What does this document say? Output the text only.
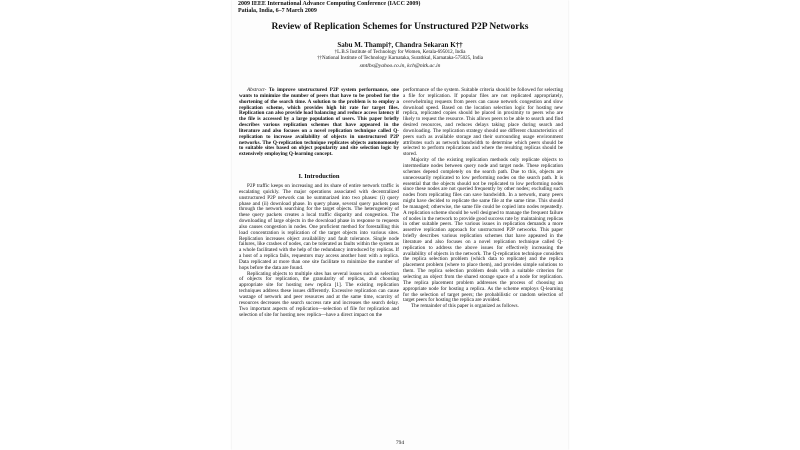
2009 IEEE International Advance Computing Conference (IACC 2009)
Patiala, India, 6–7 March 2009
Review of Replication Schemes for Unstructured P2P Networks
Sabu M. Thampi†, Chandra Sekaran K††
†L.B.S Institute of Technology for Women, Kerala-695012, India
††National Institute of Technology Karnataka, Surathkal, Karnataka-575025, India
smtlbs@yahoo.co.in, kch@nitk.ac.in

Abstract- To improve unstructured P2P system performance, one wants to minimize the number of peers that have to be probed for the shortening of the search time. A solution to the problem is to employ a replication scheme, which provides high hit rate for target files. Replication can also provide load balancing and reduce access latency if the file is accessed by a large population of users. This paper briefly describes various replication schemes that have appeared in the literature and also focuses on a novel replication technique called Q-replication to increase availability of objects in unstructured P2P networks. The Q-replication technique replicates objects autonomously to suitable sites based on object popularity and site selection logic by extensively employing Q-learning concept.

I. Introduction

P2P traffic keeps on increasing and its share of entire network traffic is escalating quickly. The major operations associated with decentralized unstructured P2P network can be summarized into two phases: (i) query phase and (ii) download phase. In query phase, several query packets pass through the network searching for the target objects. The heterogeneity of these query packets creates a local traffic disparity and congestion. The downloading of large objects in the download phase in response to requests also causes congestion in nodes. One proficient method for forestalling this load concentration is replication of the target objects into various sites. Replication increases object availability and fault tolerance. Single node failures, like crashes of nodes, can be tolerated as faults within the system as a whole facilitated with the help of the redundancy introduced by replicas. If a host of a replica fails, requestors may access another host with a replica. Data replicated at more than one site facilitate to minimize the number of hops before the data are found.

Replicating objects to multiple sites has several issues such as selection of objects for replication, the granularity of replicas, and choosing appropriate site for hosting new replica [1]. The existing replication techniques address these issues differently. Excessive replication can cause wastage of network and peer resources and at the same time, scarcity of resources decreases the search success rate and increases the search delay. Two important aspects of replication—selection of file for replication and selection of site for hosting new replica—have a direct impact on the

performance of the system. Suitable criteria should be followed for selecting a file for replication. If popular files are not replicated appropriately, overwhelming requests from peers can cause network congestion and slow download speed. Based on the location selection logic for hosting new replica, replicated copies should be placed in proximity to peers who are likely to request the resource. This allows peers to be able to search and find desired resources, and reduces delays taking place during search and downloading. The replication strategy should use different characteristics of peers such as available storage and their surrounding usage environment attributes such as network bandwidth to determine which peers should be selected to perform replications and where the resulting replicas should be stored.

Majority of the existing replication methods only replicate objects to intermediate nodes between query node and target node. These replication schemes depend completely on the search path. Due to this, objects are unnecessarily replicated to low performing nodes on the search path. It is essential that the objects should not be replicated to low performing nodes since these nodes are not queried frequently by other nodes; excluding such nodes from replicating files can save bandwidth. In a network, many peers might have decided to replicate the same file at the same time. This should be managed; otherwise, the same file could be copied into nodes repeatedly. A replication scheme should be well designed to manage the frequent failure of nodes in the network to provide good success rate by maintaining replicas in other suitable peers. The various issues in replication demands a more assertive replication approach for unstructured P2P networks. This paper briefly describes various replication schemes that have appeared in the literature and also focuses on a novel replication technique called Q-replication to address the above issues for effectively increasing the availability of objects in the network. The Q-replication technique considers the replica selection problem (which data to replicate) and the replica placement problem (where to place them), and provides simple solutions to them. The replica selection problem deals with a suitable criterion for selecting an object from the shared storage space of a node for replication. The replica placement problem addresses the process of choosing an appropriate node for hosting a replica. As the scheme employs Q-learning for the selection of target peers; the probabilistic or random selection of target peers for hosting the replica are avoided.

The remainder of this paper is organized as follows.

794
